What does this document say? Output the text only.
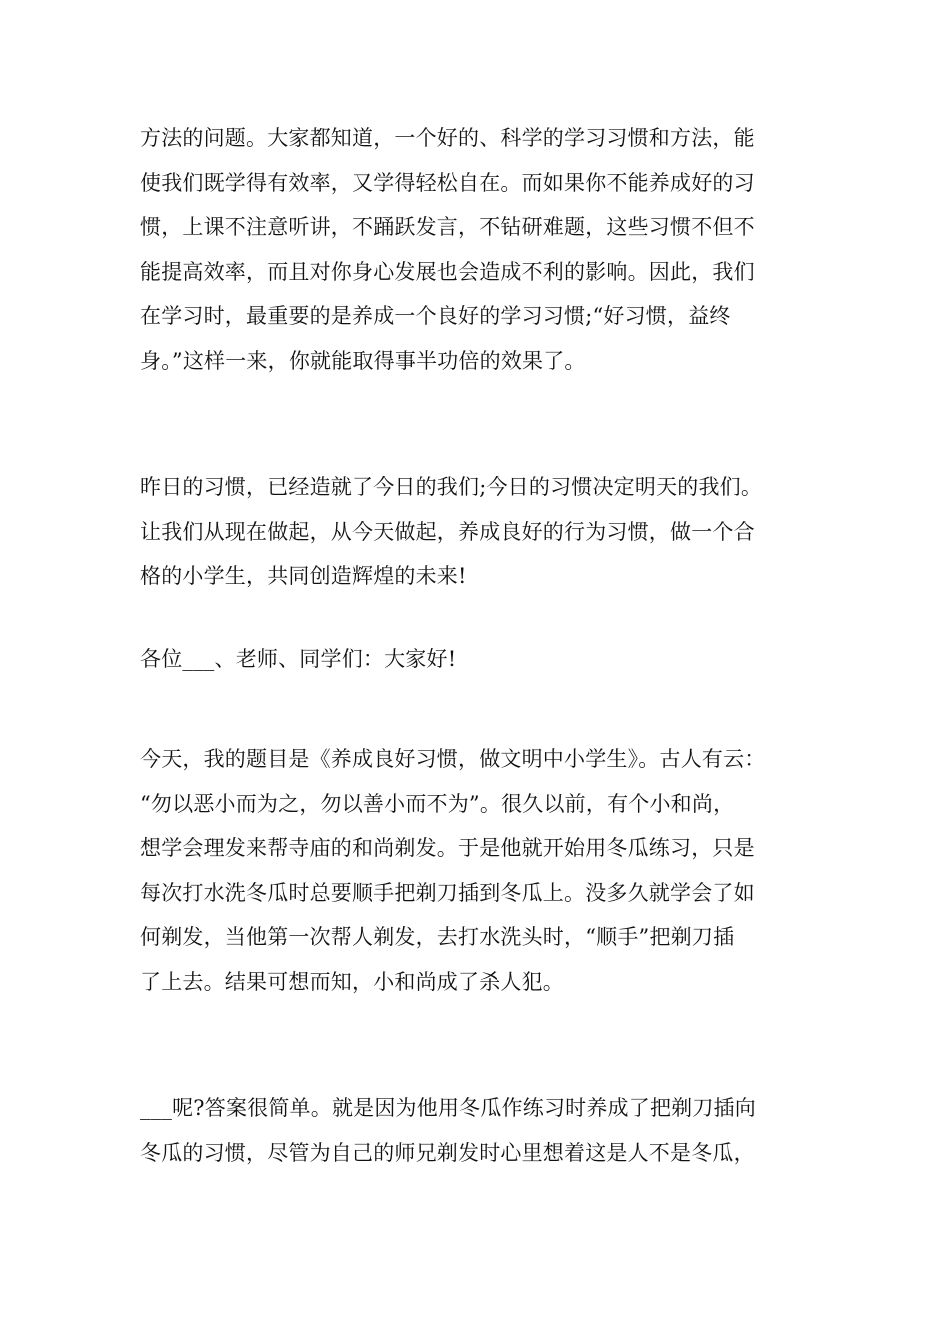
方法的问题。大家都知道，一个好的、科学的学习习惯和方法，能
使我们既学得有效率，又学得轻松自在。而如果你不能养成好的习
惯，上课不注意听讲，不踊跃发言，不钻研难题，这些习惯不但不
能提高效率，而且对你身心发展也会造成不利的影响。因此，我们
在学习时，最重要的是养成一个良好的学习习惯;“好习惯，益终
身。”这样一来，你就能取得事半功倍的效果了。

昨日的习惯，已经造就了今日的我们;今日的习惯决定明天的我们。
让我们从现在做起，从今天做起，养成良好的行为习惯，做一个合
格的小学生，共同创造辉煌的未来!

各位___、老师、同学们：大家好!

今天，我的题目是《养成良好习惯，做文明中小学生》。古人有云：
“勿以恶小而为之，勿以善小而不为”。很久以前，有个小和尚，
想学会理发来帮寺庙的和尚剃发。于是他就开始用冬瓜练习，只是
每次打水洗冬瓜时总要顺手把剃刀插到冬瓜上。没多久就学会了如
何剃发，当他第一次帮人剃发，去打水洗头时，“顺手”把剃刀插
了上去。结果可想而知，小和尚成了杀人犯。

___呢?答案很简单。就是因为他用冬瓜作练习时养成了把剃刀插向
冬瓜的习惯，尽管为自己的师兄剃发时心里想着这是人不是冬瓜，
